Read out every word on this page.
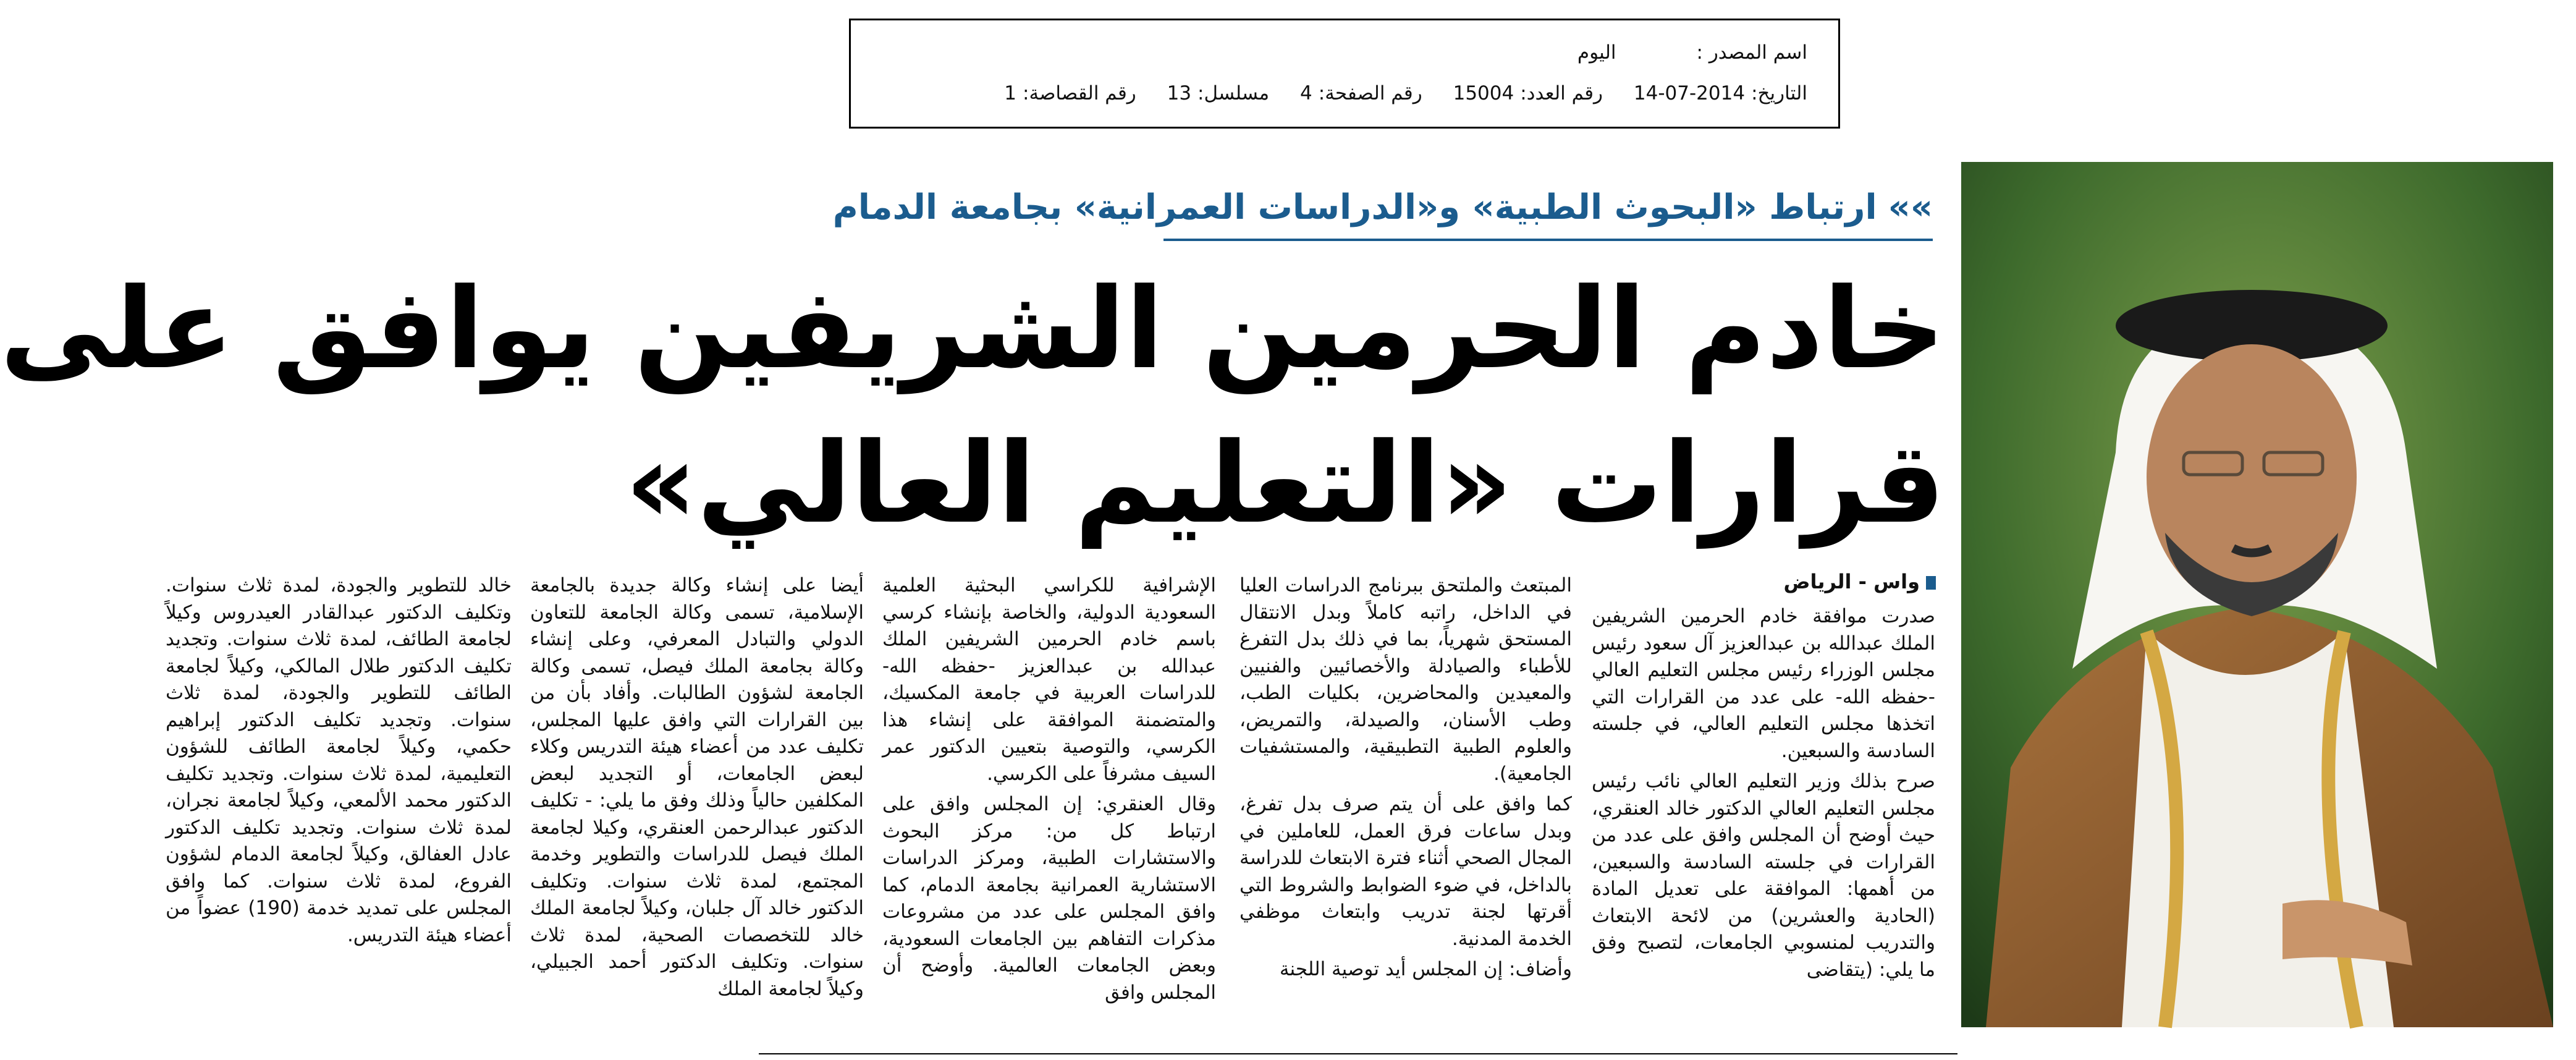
اسم المصدر :اليوم
التاريخ:2014-07-14 رقم العدد:15004 رقم الصفحة:4 مسلسل:13 رقم القصاصة:1
»»ارتباط «البحوث الطبية» و«الدراسات العمرانية» بجامعة الدمام
خادم الحرمين الشريفين يوافق على
قرارات «التعليم العالي»
واس - الرياض

صدرت موافقة خادم الحرمين الشريفين الملك عبدالله بن عبدالعزيز آل سعود رئيس مجلس الوزراء رئيس مجلس التعليم العالي -حفظه الله- على عدد من القرارات التي اتخذها مجلس التعليم العالي، في جلسته السادسة والسبعين.

صرح بذلك وزير التعليم العالي نائب رئيس مجلس التعليم العالي الدكتور خالد العنقري، حيث أوضح أن المجلس وافق على عدد من القرارات في جلسته السادسة والسبعين، من أهمها: الموافقة على تعديل المادة (الحادية والعشرين) من لائحة الابتعاث والتدريب لمنسوبي الجامعات، لتصبح وفق ما يلي: (يتقاضى

المبتعث والملتحق ببرنامج الدراسات العليا في الداخل، راتبه كاملاً وبدل الانتقال المستحق شهرياً، بما في ذلك بدل التفرغ للأطباء والصيادلة والأخصائيين والفنيين والمعيدين والمحاضرين، بكليات الطب، وطب الأسنان، والصيدلة، والتمريض، والعلوم الطبية التطبيقية، والمستشفيات الجامعية).

كما وافق على أن يتم صرف بدل تفرغ، وبدل ساعات فرق العمل، للعاملين في المجال الصحي أثناء فترة الابتعاث للدراسة بالداخل، في ضوء الضوابط والشروط التي أقرتها لجنة تدريب وابتعاث موظفي الخدمة المدنية.

وأضاف: إن المجلس أيد توصية اللجنة

الإشرافية للكراسي البحثية العلمية السعودية الدولية، والخاصة بإنشاء كرسي باسم خادم الحرمين الشريفين الملك عبدالله بن عبدالعزيز -حفظه الله- للدراسات العربية في جامعة المكسيك، والمتضمنة الموافقة على إنشاء هذا الكرسي، والتوصية بتعيين الدكتور عمر السيف مشرفاً على الكرسي.

وقال العنقري: إن المجلس وافق على ارتباط كل من: مركز البحوث والاستشارات الطبية، ومركز الدراسات الاستشارية العمرانية بجامعة الدمام، كما وافق المجلس على عدد من مشروعات مذكرات التفاهم بين الجامعات السعودية، وبعض الجامعات العالمية. وأوضح أن المجلس وافق

أيضا على إنشاء وكالة جديدة بالجامعة الإسلامية، تسمى وكالة الجامعة للتعاون الدولي والتبادل المعرفي، وعلى إنشاء وكالة بجامعة الملك فيصل، تسمى وكالة الجامعة لشؤون الطالبات. وأفاد بأن من بين القرارات التي وافق عليها المجلس، تكليف عدد من أعضاء هيئة التدريس وكلاء لبعض الجامعات، أو التجديد لبعض المكلفين حالياً وذلك وفق ما يلي: - تكليف الدكتور عبدالرحمن العنقري، وكيلا لجامعة الملك فيصل للدراسات والتطوير وخدمة المجتمع، لمدة ثلاث سنوات. وتكليف الدكتور خالد آل جلبان، وكيلاً لجامعة الملك خالد للتخصصات الصحية، لمدة ثلاث سنوات. وتكليف الدكتور أحمد الجبيلي، وكيلاً لجامعة الملك

خالد للتطوير والجودة، لمدة ثلاث سنوات. وتكليف الدكتور عبدالقادر العيدروس وكيلاً لجامعة الطائف، لمدة ثلاث سنوات. وتجديد تكليف الدكتور طلال المالكي، وكيلاً لجامعة الطائف للتطوير والجودة، لمدة ثلاث سنوات. وتجديد تكليف الدكتور إبراهيم حكمي، وكيلاً لجامعة الطائف للشؤون التعليمية، لمدة ثلاث سنوات. وتجديد تكليف الدكتور محمد الألمعي، وكيلاً لجامعة نجران، لمدة ثلاث سنوات. وتجديد تكليف الدكتور عادل العفالق، وكيلاً لجامعة الدمام لشؤون الفروع، لمدة ثلاث سنوات. كما وافق المجلس على تمديد خدمة (190) عضواً من أعضاء هيئة التدريس.
